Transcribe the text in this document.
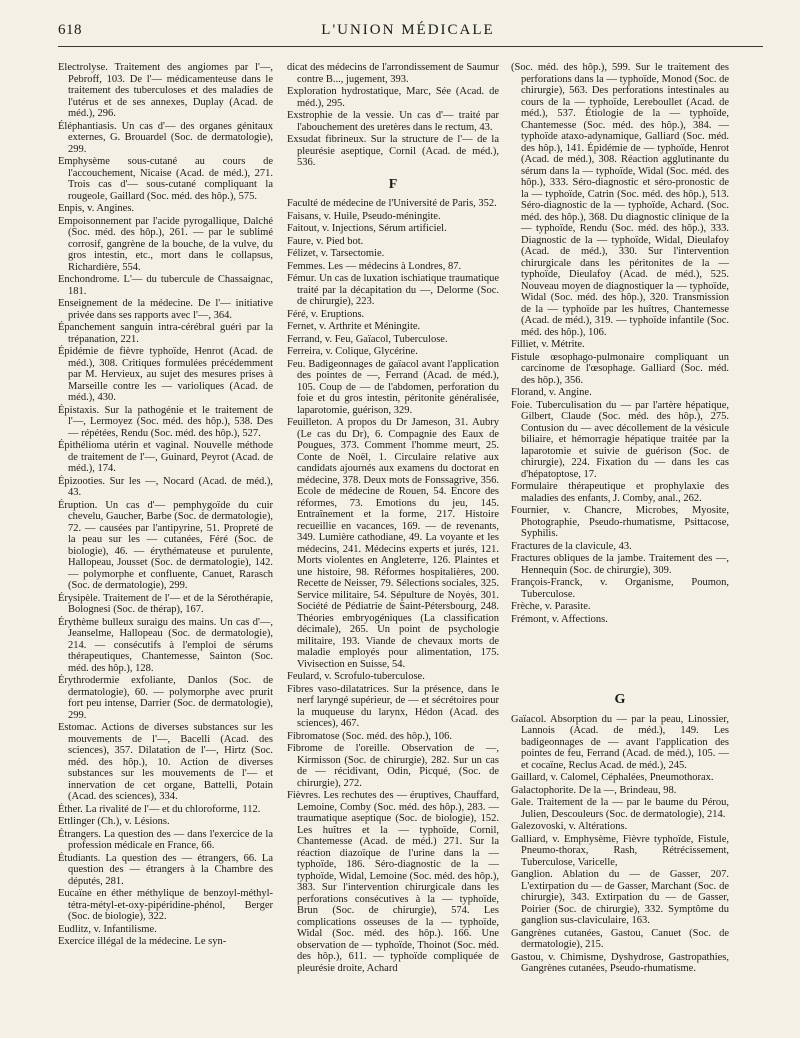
618	L'UNION MÉDICALE

Electrolyse. Traitement des angiomes par l'—, Pebroff, 103. De l'— médicamenteuse dans le traitement des tuberculoses et des maladies de l'utérus et de ses annexes, Duplay (Acad. de méd.), 296.

Éléphantiasis. Un cas d'— des organes génitaux externes, G. Brouardel (Soc. de dermatologie), 299.

Emphysème sous-cutané au cours de l'accouchement, Nicaise (Acad. de méd.), 271. Trois cas d'— sous-cutané compliquant la rougeole, Gaillard (Soc. méd. des hôp.), 575.

Enpis, v. Angines.

Empoisonnement par l'acide pyrogallique, Dalché (Soc. méd. des hôp.), 261. — par le sublimé corrosif, gangrène de la bouche, de la vulve, du gros intestin, etc., mort dans le collapsus, Richardière, 554.

Enchondrome. L'— du tubercule de Chassaignac, 181.

Enseignement de la médecine. De l'— initiative privée dans ses rapports avec l'—, 364.

Épanchement sanguin intra-cérébral guéri par la trépanation, 221.

Épidémie de fièvre typhoïde, Henrot (Acad. de méd.), 308. Critiques formulées précédemment par M. Hervieux, au sujet des mesures prises à Marseille contre les — varioliques (Acad. de méd.), 430.

Épistaxis. Sur la pathogénie et le traitement de l'—, Lermoyez (Soc. méd. des hôp.), 538. Des — répétées, Rendu (Soc. méd. des hôp.), 527.

Épithélioma utérin et vaginal. Nouvelle méthode de traitement de l'—, Guinard, Peyrot (Acad. de méd.), 174.

Épizooties. Sur les —, Nocard (Acad. de méd.), 43.

Éruption. Un cas d'— pemphygoïde du cuir chevelu, Gaucher, Barbe (Soc. de dermatologie), 72. — causées par l'antipyrine, 51. Propreté de la peau sur les — cutanées, Féré (Soc. de biologie), 46. — érythémateuse et purulente, Hallopeau, Jousset (Soc. de dermatologie), 142. — polymorphe et confluente, Canuet, Rarasch (Soc. de dermatologie), 299.

Érysipèle. Traitement de l'— et de la Sérothérapie, Bolognesi (Soc. de thérap), 167.

Érythème bulleux suraigu des mains. Un cas d'—, Jeanselme, Hallopeau (Soc. de dermatologie), 214. — consécutifs à l'emploi de sérums thérapeutiques, Chantemesse, Sainton (Soc. méd. des hôp.), 128.

Érythrodermie exfoliante, Danlos (Soc. de dermatologie), 60. — polymorphe avec prurit fort peu intense, Darrier (Soc. de dermatologie), 299.

Estomac. Actions de diverses substances sur les mouvements de l'—, Bacelli (Acad. des sciences), 357. Dilatation de l'—, Hirtz (Soc. méd. des hôp.), 10. Action de diverses substances sur les mouvements de l'— et innervation de cet organe, Battelli, Potain (Acad. des sciences), 334.

Éther. La rivalité de l'— et du chloroforme, 112.

Ettlinger (Ch.), v. Lésions.

Étrangers. La question des — dans l'exercice de la profession médicale en France, 66.

Étudiants. La question des — étrangers, 66. La question des — étrangers à la Chambre des députés, 281.

Eucaïne en éther méthylique de benzoyl-méthyl-tétra-métyl-et-oxy-pipéridine-phénol, Berger (Soc. de biologie), 322.

Eudlitz, v. Infantilisme.

Exercice illégal de la médecine. Le syn-

dicat des médecins de l'arrondissement de Saumur contre B..., jugement, 393.

Exploration hydrostatique, Marc, Sée (Acad. de méd.), 295.

Exstrophie de la vessie. Un cas d'— traité par l'abouchement des uretères dans le rectum, 43.

Exsudat fibrineux. Sur la structure de l'— de la pleurésie aseptique, Cornil (Acad. de méd.), 536.

F

Faculté de médecine de l'Université de Paris, 352.

Faisans, v. Huile, Pseudo-méningite.

Faitout, v. Injections, Sérum artificiel.

Faure, v. Pied bot.

Félizet, v. Tarsectomie.

Femmes. Les — médecins à Londres, 87.

Fémur. Un cas de luxation ischiatique traumatique traité par la décapitation du —, Delorme (Soc. de chirurgie), 223.

Féré, v. Eruptions.

Fernet, v. Arthrite et Méningite.

Ferrand, v. Feu, Gaïacol, Tuberculose.

Ferreira, v. Colique, Glycérine.

Feu. Badigeonnages de gaïacol avant l'application des pointes de —, Ferrand (Acad. de méd.), 105. Coup de — de l'abdomen, perforation du foie et du gros intestin, péritonite généralisée, laparotomie, guérison, 329.

Feuilleton. A propos du Dr Jameson, 31. Aubry (Le cas du Dr), 6. Compagnie des Eaux de Pougues, 373. Comment l'homme meurt, 25. Conte de Noël, 1. Circulaire relative aux candidats ajournés aux examens du doctorat en médecine, 378. Deux mots de Fonssagrive, 356. Ecole de médecine de Rouen, 54. Encore des réformes, 73. Emotions du jeu, 145. Entraînement et la forme, 217. Histoire recueillie en vacances, 169. — de revenants, 349. Lumière cathodiane, 49. La voyante et les médecins, 241. Médecins experts et jurés, 121. Morts violentes en Angleterre, 126. Plaintes et une histoire, 98. Réformes hospitalières, 200. Recette de Neisser, 79. Sélections sociales, 325. Service militaire, 54. Sépulture de Noyès, 301. Société de Pédiatrie de Saint-Pétersbourg, 248. Théories embryogéniques (La classification décimale), 265. Un point de psychologie militaire, 193. Viande de chevaux morts de maladie employés pour alimentation, 175. Vivisection en Suisse, 54.

Feulard, v. Scrofulo-tuberculose.

Fibres vaso-dilatatrices. Sur la présence, dans le nerf laryngé supérieur, de — et sécrétoires pour la muqueuse du larynx, Hédon (Acad. des sciences), 467.

Fibromatose (Soc. méd. des hôp.), 106.

Fibrome de l'oreille. Observation de —, Kirmisson (Soc. de chirurgie), 282. Sur un cas de — récidivant, Odin, Picqué, (Soc. de chirurgie), 272.

Fièvres. Les rechutes des — éruptives, Chauffard, Lemoine, Comby (Soc. méd. des hôp.), 283. — traumatique aseptique (Soc. de biologie), 152. Les huîtres et la — typhoïde, Cornil, Chantemesse (Acad. de méd.) 271. Sur la réaction diazoïque de l'urine dans la — typhoïde, 186. Séro-diagnostic de la — typhoïde, Widal, Lemoine (Soc. méd. des hôp.), 383. Sur l'intervention chirurgicale dans les perforations consécutives à la — typhoïde, Brun (Soc. de chirurgie), 574. Les complications osseuses de la — typhoïde, Widal (Soc. méd. des hôp.). 166. Une observation de — typhoïde, Thoinot (Soc. méd. des hôp.), 611. — typhoïde compliquée de pleurésie droite, Achard

(Soc. méd. des hôp.), 599. Sur le traitement des perforations dans la — typhoïde, Monod (Soc. de chirurgie), 563. Des perforations intestinales au cours de la — typhoïde, Lereboullet (Acad. de méd.), 537. Étiologie de la — typhoïde, Chantemesse (Soc. méd. des hôp.), 384. — typhoïde ataxo-adynamique, Galliard (Soc. méd. des hôp.), 141. Épidémie de — typhoïde, Henrot (Acad. de méd.), 308. Réaction agglutinante du sérum dans la — typhoïde, Widal (Soc. méd. des hôp.), 333. Séro-diagnostic et séro-pronostic de la — typhoïde, Catrin (Soc. méd. des hôp.), 513. Séro-diagnostic de la — typhoïde, Achard. (Soc. méd. des hôp.), 368. Du diagnostic clinique de la — typhoïde, Rendu (Soc. méd. des hôp.), 333. Diagnostic de la — typhoïde, Widal, Dieulafoy (Acad. de méd.), 330. Sur l'intervention chirurgicale dans les péritonites de la — typhoïde, Dieulafoy (Acad. de méd.), 525. Nouveau moyen de diagnostiquer la — typhoïde, Widal (Soc. méd. des hôp.), 320. Transmission de la — typhoïde par les huîtres, Chantemesse (Acad. de méd.), 319. — typhoïde infantile (Soc. méd. des hôp.), 106.

Filliet, v. Métrite.

Fistule œsophago-pulmonaire compliquant un carcinome de l'œsophage. Galliard (Soc. méd. des hôp.), 356.

Florand, v. Angine.

Foie. Tuberculisation du — par l'artère hépatique, Gilbert, Claude (Soc. méd. des hôp.), 275. Contusion du — avec décollement de la vésicule biliaire, et hémorragie hépatique traitée par la laparotomie et suivie de guérison (Soc. de chirurgie), 224. Fixation du — dans les cas d'hépatoptose, 17.

Formulaire thérapeutique et prophylaxie des maladies des enfants, J. Comby, anal., 262.

Fournier, v. Chancre, Microbes, Myosite, Photographie, Pseudo-rhumatisme, Psittacose, Syphilis.

Fractures de la clavicule, 43.

Fractures obliques de la jambe. Traitement des —, Hennequin (Soc. de chirurgie), 309.

François-Franck, v. Organisme, Poumon, Tuberculose.

Frèche, v. Parasite.

Frémont, v. Affections.

G

Gaïacol. Absorption du — par la peau, Linossier, Lannois (Acad. de méd.), 149. Les badigeonnages de — avant l'application des pointes de feu, Ferrand (Acad. de méd.), 105. — et cocaïne, Reclus Acad. de méd.), 245.

Gaillard, v. Calomel, Céphalées, Pneumothorax.

Galactophorite. De la —, Brindeau, 98.

Gale. Traitement de la — par le baume du Pérou, Julien, Descouleurs (Soc. de dermatologie), 214.

Galezovoski, v. Altérations.

Galliard, v. Emphysème, Fièvre typhoïde, Fistule, Pneumo-thorax, Rash, Rétrécissement, Tuberculose, Varicelle,

Ganglion. Ablation du — de Gasser, 207. L'extirpation du — de Gasser, Marchant (Soc. de chirurgie), 343. Extirpation du — de Gasser, Poirier (Soc. de chirurgie), 332. Symptôme du ganglion sus-claviculaire, 163.

Gangrènes cutanées, Gastou, Canuet (Soc. de dermatologie), 215.

Gastou, v. Chimisme, Dyshydrose, Gastropathies, Gangrènes cutanées, Pseudo-rhumatisme.
